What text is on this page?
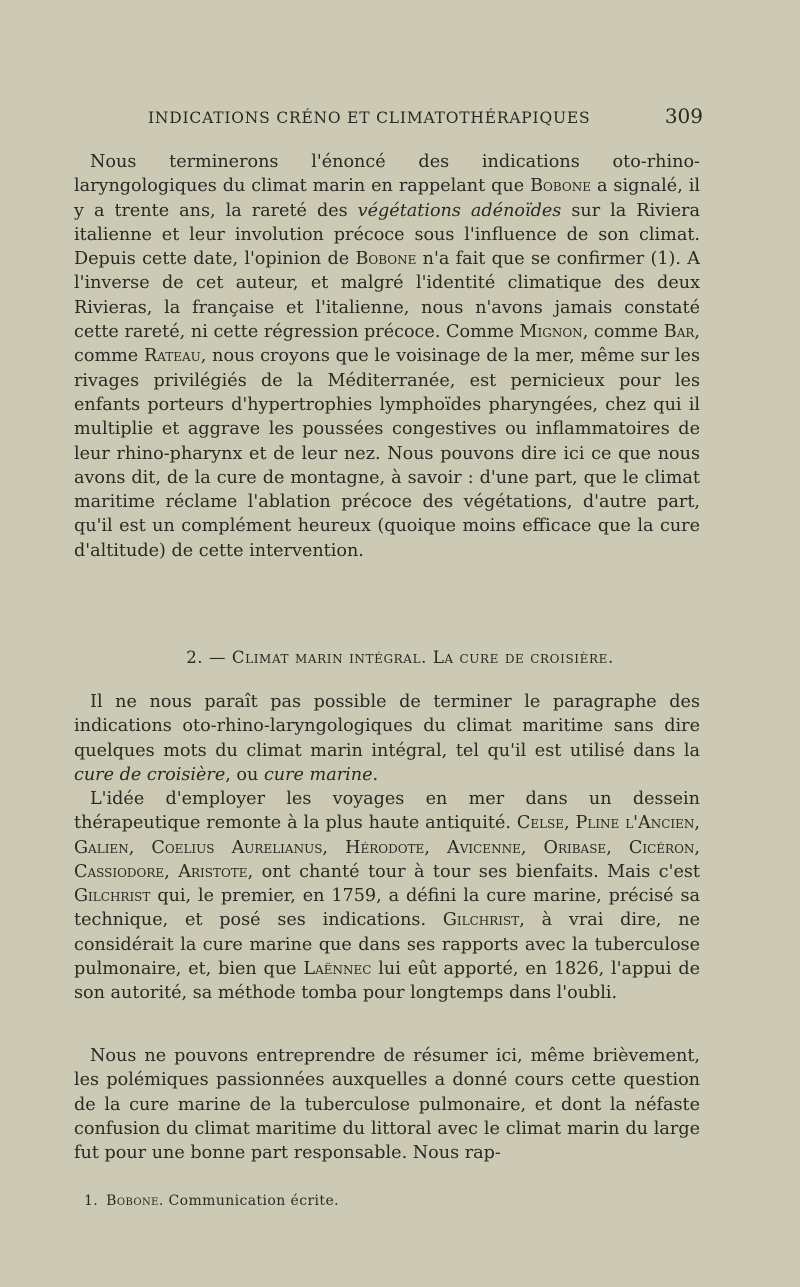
INDICATIONS CRÉNO ET CLIMATOTHÉRAPIQUES	309

Nous terminerons l'énoncé des indications oto-rhino-laryngologiques du climat marin en rappelant que Bobone a signalé, il y a trente ans, la rareté des végétations adénoïdes sur la Riviera italienne et leur involution précoce sous l'influence de son climat. Depuis cette date, l'opinion de Bobone n'a fait que se confirmer (1). A l'inverse de cet auteur, et malgré l'identité climatique des deux Rivieras, la française et l'italienne, nous n'avons jamais constaté cette rareté, ni cette régression précoce. Comme Mignon, comme Bar, comme Rateau, nous croyons que le voisinage de la mer, même sur les rivages privilégiés de la Méditerranée, est pernicieux pour les enfants porteurs d'hypertrophies lymphoïdes pharyngées, chez qui il multiplie et aggrave les poussées congestives ou inflammatoires de leur rhino-pharynx et de leur nez. Nous pouvons dire ici ce que nous avons dit, de la cure de montagne, à savoir : d'une part, que le climat maritime réclame l'ablation précoce des végétations, d'autre part, qu'il est un complément heureux (quoique moins efficace que la cure d'altitude) de cette intervention.

2. — Climat marin intégral. La cure de croisière.

Il ne nous paraît pas possible de terminer le paragraphe des indications oto-rhino-laryngologiques du climat maritime sans dire quelques mots du climat marin intégral, tel qu'il est utilisé dans la cure de croisière, ou cure marine.

L'idée d'employer les voyages en mer dans un dessein thérapeutique remonte à la plus haute antiquité. Celse, Pline l'Ancien, Galien, Coelius Aurelianus, Hérodote, Avicenne, Oribase, Cicéron, Cassiodore, Aristote, ont chanté tour à tour ses bienfaits. Mais c'est Gilchrist qui, le premier, en 1759, a défini la cure marine, précisé sa technique, et posé ses indications. Gilchrist, à vrai dire, ne considérait la cure marine que dans ses rapports avec la tuberculose pulmonaire, et, bien que Laënnec lui eût apporté, en 1826, l'appui de son autorité, sa méthode tomba pour longtemps dans l'oubli.

Nous ne pouvons entreprendre de résumer ici, même brièvement, les polémiques passionnées auxquelles a donné cours cette question de la cure marine de la tuberculose pulmonaire, et dont la néfaste confusion du climat maritime du littoral avec le climat marin du large fut pour une bonne part responsable. Nous rap-

1. Bobone. Communication écrite.
